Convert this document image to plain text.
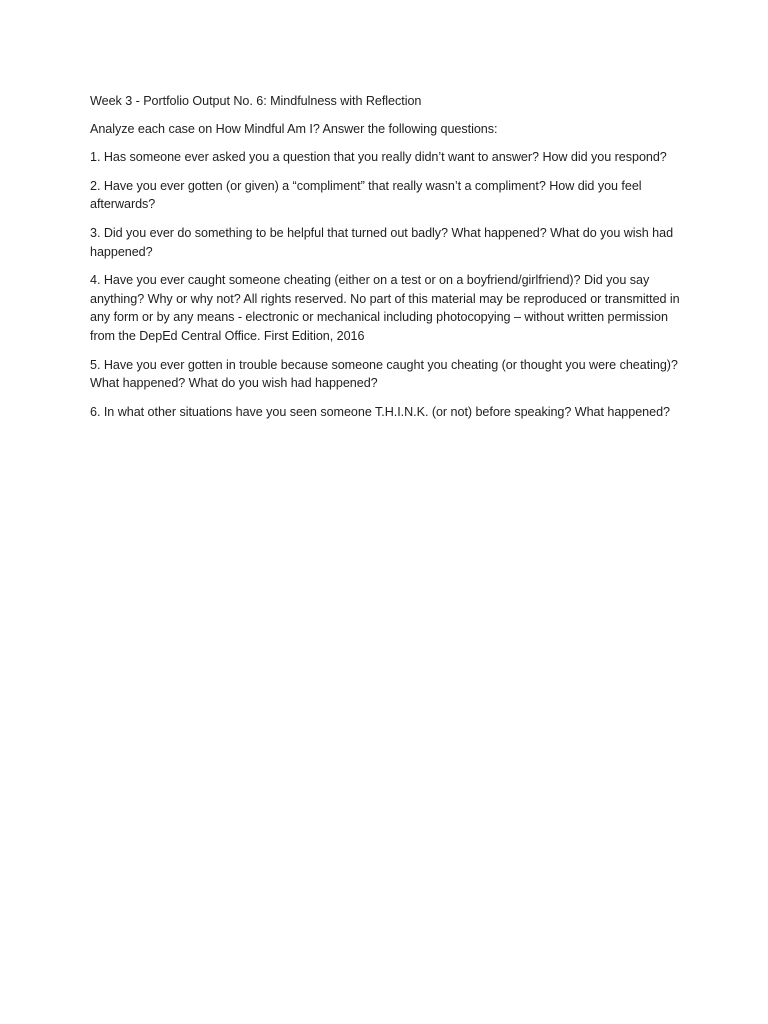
Week 3 - Portfolio Output No. 6: Mindfulness with Reflection

Analyze each case on How Mindful Am I? Answer the following questions:

1. Has someone ever asked you a question that you really didn’t want to answer? How did you respond?

2. Have you ever gotten (or given) a “compliment” that really wasn’t a compliment? How did you feel afterwards?

3. Did you ever do something to be helpful that turned out badly? What happened? What do you wish had happened?

4. Have you ever caught someone cheating (either on a test or on a boyfriend/girlfriend)? Did you say anything? Why or why not? All rights reserved. No part of this material may be reproduced or transmitted in any form or by any means - electronic or mechanical including photocopying – without written permission from the DepEd Central Office. First Edition, 2016

5. Have you ever gotten in trouble because someone caught you cheating (or thought you were cheating)? What happened? What do you wish had happened?

6. In what other situations have you seen someone T.H.I.N.K. (or not) before speaking? What happened?
